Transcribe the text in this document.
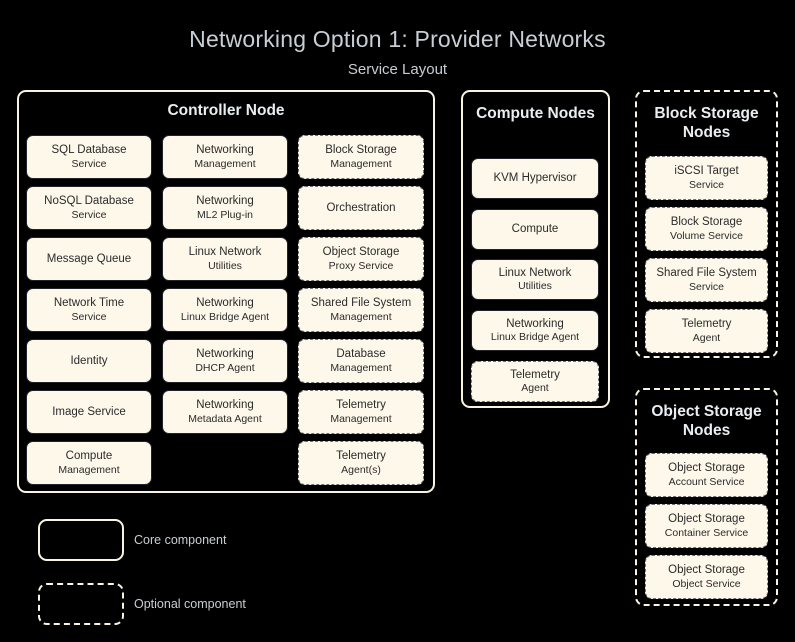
Networking Option 1: Provider Networks
Service Layout
Controller Node
SQL Database
Service
NoSQL Database
Service
Message Queue
Network Time
Service
Identity
Image Service
Compute
Management
Networking
Management
Networking
ML2 Plug-in
Linux Network
Utilities
Networking
Linux Bridge Agent
Networking
DHCP Agent
Networking
Metadata Agent
Block Storage
Management
Orchestration
Object Storage
Proxy Service
Shared File System
Management
Database
Management
Telemetry
Management
Telemetry
Agent(s)
Compute Nodes
KVM Hypervisor
Compute
Linux Network
Utilities
Networking
Linux Bridge Agent
Telemetry
Agent
Block Storage Nodes
iSCSI Target
Service
Block Storage
Volume Service
Shared File System
Service
Telemetry
Agent
Object Storage Nodes
Object Storage
Account Service
Object Storage
Container Service
Object Storage
Object Service
Core component
Optional component
